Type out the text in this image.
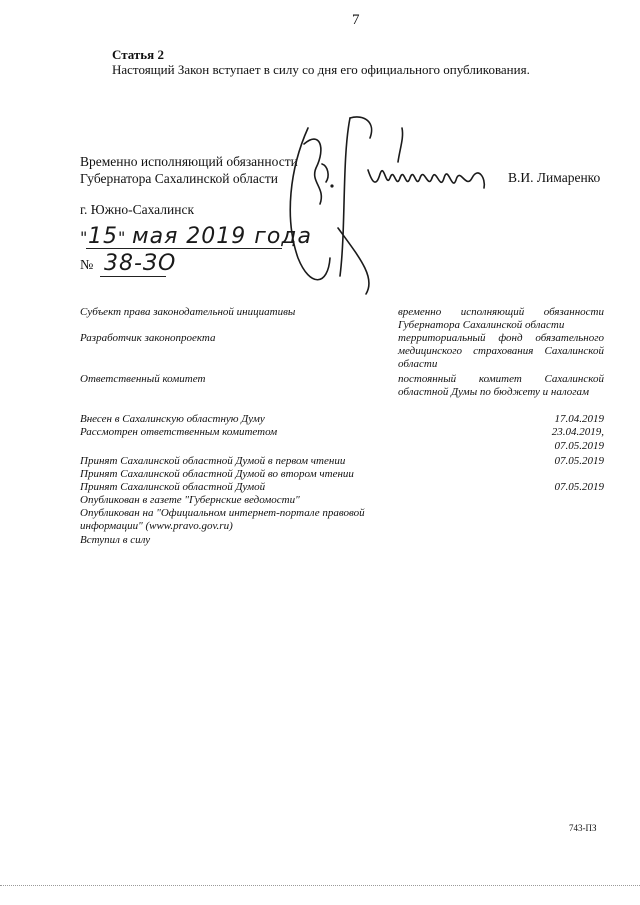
7
Статья 2
Настоящий Закон вступает в силу со дня его официального опубликования.
Временно исполняющий обязанности
Губернатора Сахалинской области	В.И. Лимаренко
г. Южно-Сахалинск
" 15 " мая 2019 года
№ 38-ЗО
Субъект права законодательной инициативы	временно исполняющий обязанности Губернатора Сахалинской области
Разработчик законопроекта	территориальный фонд обязательного медицинского страхования Сахалинской области
Ответственный комитет	постоянный комитет Сахалинской областной Думы по бюджету и налогам
Внесен в Сахалинскую областную Думу	17.04.2019
Рассмотрен ответственным комитетом	23.04.2019,
07.05.2019
Принят Сахалинской областной Думой в первом чтении	07.05.2019
Принят Сахалинской областной Думой во втором чтении
Принят Сахалинской областной Думой	07.05.2019
Опубликован в газете "Губернские ведомости"
Опубликован на "Официальном интернет-портале правовой
информации" (www.pravo.gov.ru)
Вступил в силу
743-ПЗ
